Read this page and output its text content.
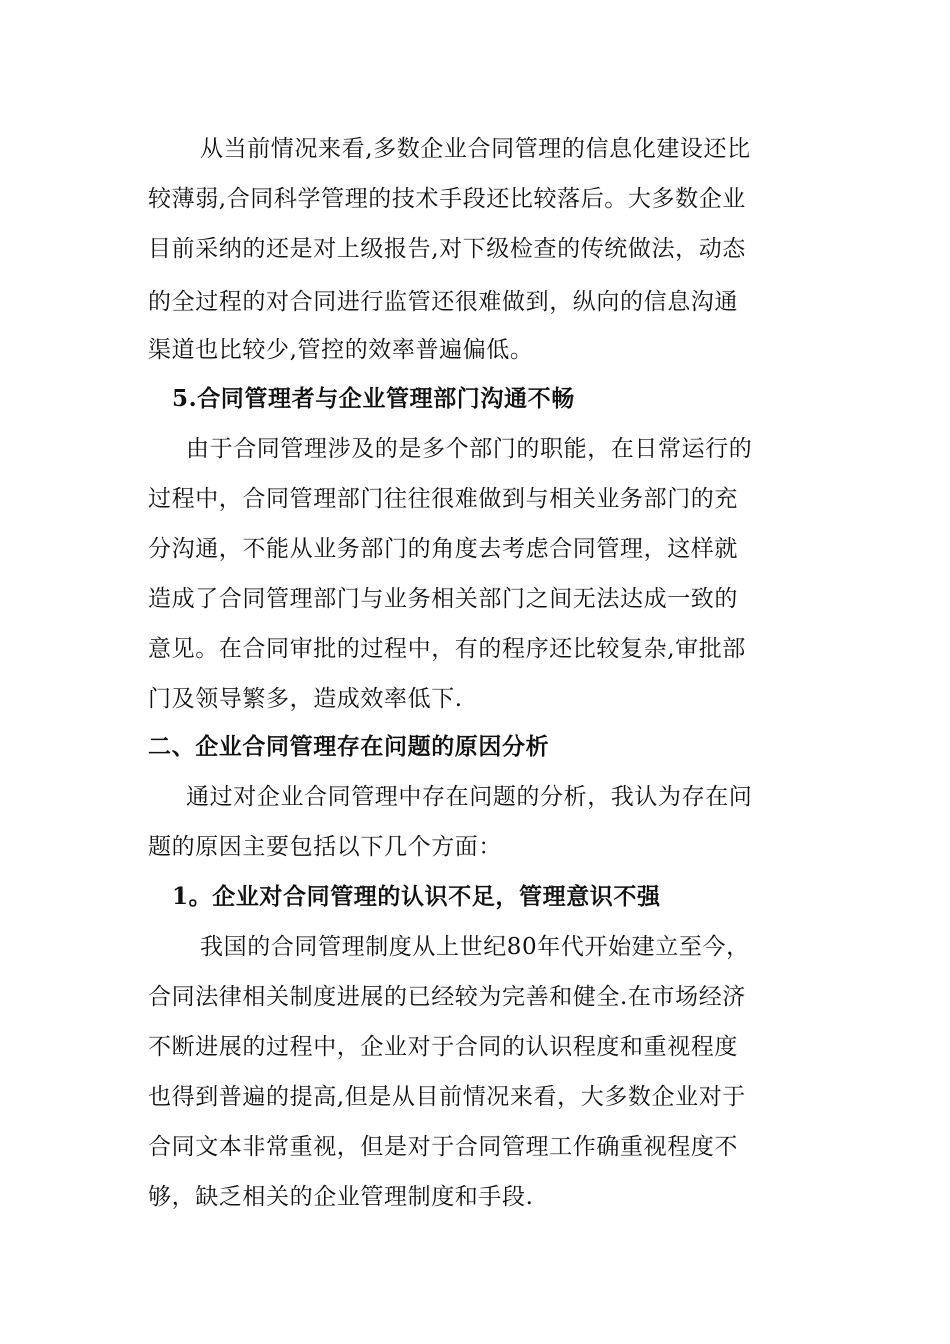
从当前情况来看,多数企业合同管理的信息化建设还比
较薄弱,合同科学管理的技术手段还比较落后。大多数企业
目前采纳的还是对上级报告,对下级检查的传统做法，动态
的全过程的对合同进行监管还很难做到，纵向的信息沟通
渠道也比较少,管控的效率普遍偏低。
5.合同管理者与企业管理部门沟通不畅
由于合同管理涉及的是多个部门的职能，在日常运行的
过程中，合同管理部门往往很难做到与相关业务部门的充
分沟通，不能从业务部门的角度去考虑合同管理，这样就
造成了合同管理部门与业务相关部门之间无法达成一致的
意见。在合同审批的过程中，有的程序还比较复杂,审批部
门及领导繁多，造成效率低下.
二、企业合同管理存在问题的原因分析
通过对企业合同管理中存在问题的分析，我认为存在问
题的原因主要包括以下几个方面：
1。企业对合同管理的认识不足，管理意识不强
我国的合同管理制度从上世纪80年代开始建立至今，
合同法律相关制度进展的已经较为完善和健全.在市场经济
不断进展的过程中，企业对于合同的认识程度和重视程度
也得到普遍的提高,但是从目前情况来看，大多数企业对于
合同文本非常重视，但是对于合同管理工作确重视程度不
够，缺乏相关的企业管理制度和手段.
